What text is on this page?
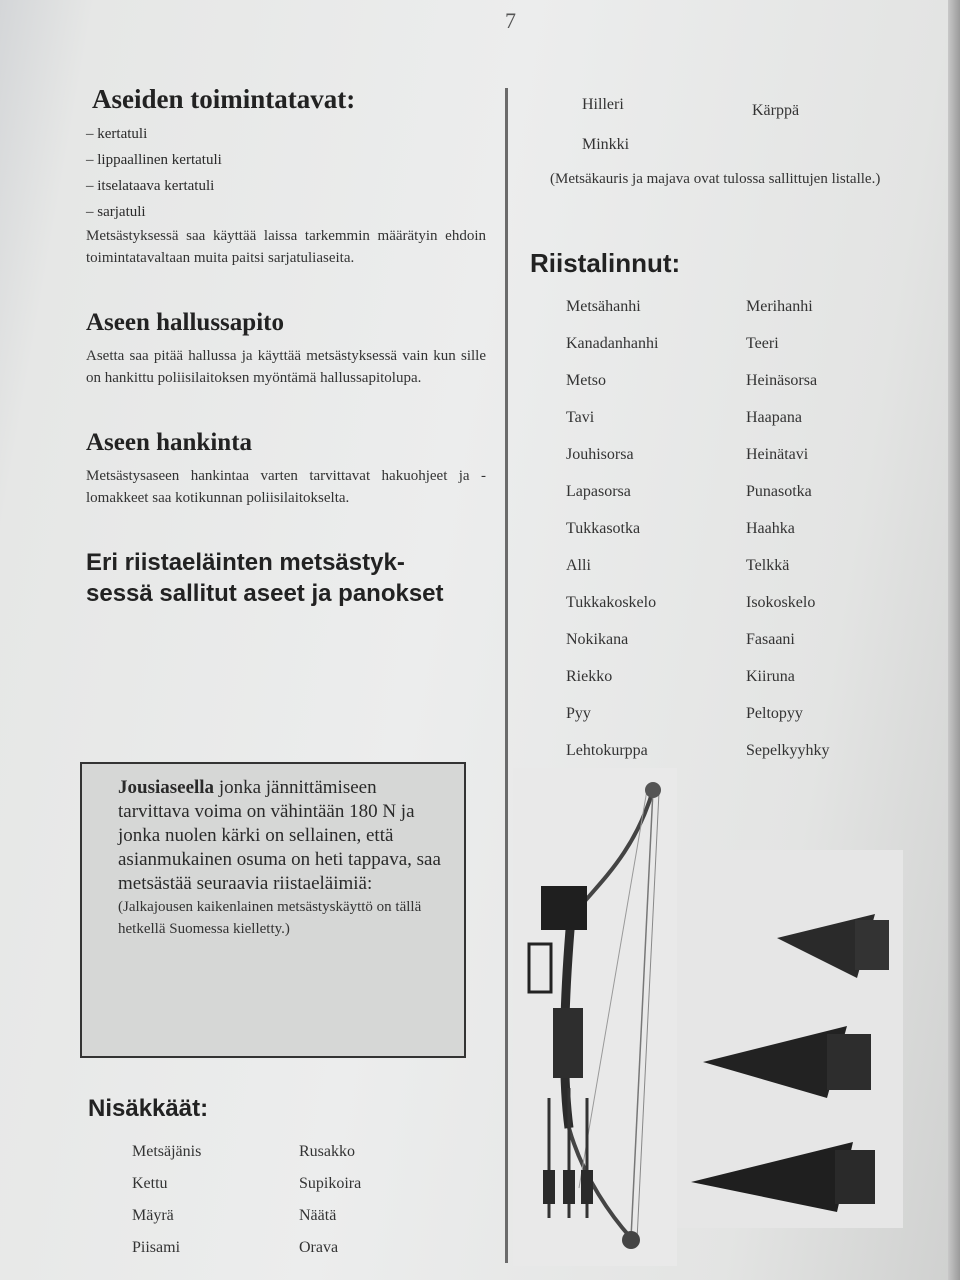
7
Aseiden toimintatavat:
– kertatuli
– lippaallinen kertatuli
– itselataava kertatuli
– sarjatuli

Metsästyksessä saa käyttää laissa tarkemmin määrätyin ehdoin toimintatavaltaan muita paitsi sarjatuliaseita.

Aseen hallussapito

Asetta saa pitää hallussa ja käyttää metsästyksessä vain kun sille on hankittu poliisilaitoksen myöntämä hallussapitolupa.

Aseen hankinta

Metsästysaseen hankintaa varten tarvittavat hakuohjeet ja -lomakkeet saa kotikunnan poliisilaitokselta.

Eri riistaeläinten metsästyk-
sessä sallitut aseet ja panokset

Jousiaseella jonka jännittämiseen tarvittava voima on vähintään 180 N ja jonka nuolen kärki on sellainen, että asianmukainen osuma on heti tappava, saa metsästää seuraavia riistaeläimiä:

(Jalkajousen kaikenlainen metsästyskäyttö on tällä hetkellä Suomessa kielletty.)

Nisäkkäät:
Metsäjänis	Rusakko
Kettu	Supikoira
Mäyrä	Näätä
Piisami	Orava
Hilleri	Kärppä
Minkki
(Metsäkauris ja majava ovat tulossa sallittujen listalle.)
Riistalinnut:
Metsähanhi	Merihanhi
Kanadanhanhi	Teeri
Metso	Heinäsorsa
Tavi	Haapana
Jouhisorsa	Heinätavi
Lapasorsa	Punasotka
Tukkasotka	Haahka
Alli	Telkkä
Tukkakoskelo	Isokoskelo
Nokikana	Fasaani
Riekko	Kiiruna
Pyy	Peltopyy
Lehtokurppa	Sepelkyyhky
